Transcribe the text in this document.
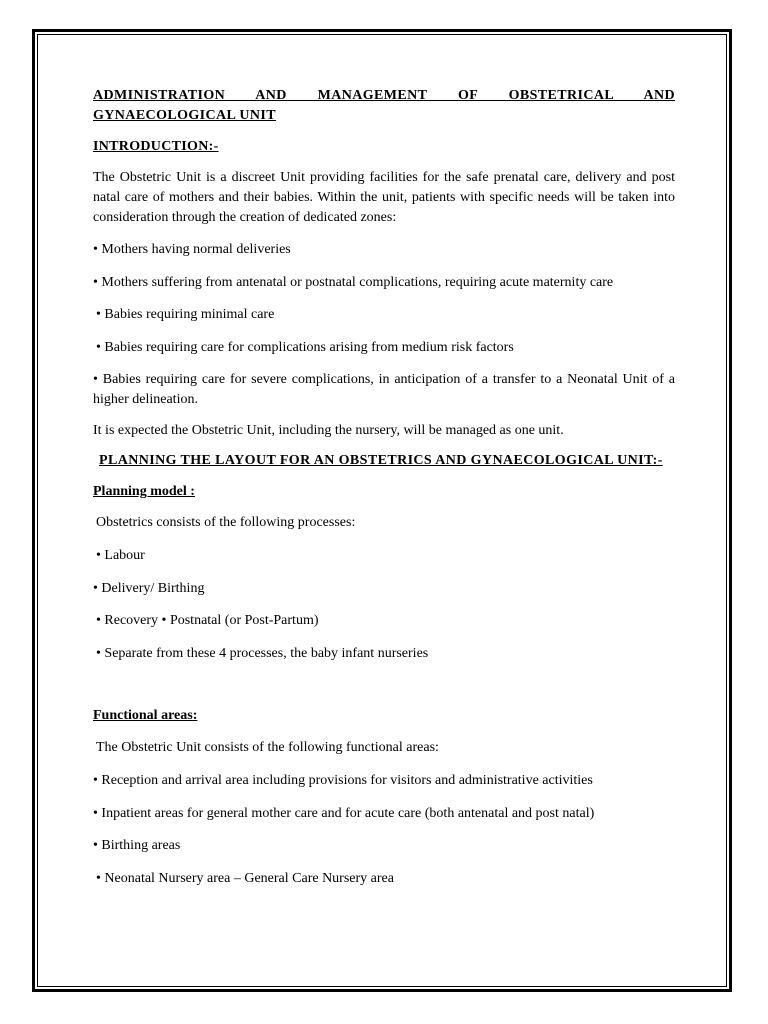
ADMINISTRATION AND MANAGEMENT OF OBSTETRICAL AND GYNAECOLOGICAL UNIT
INTRODUCTION:-

The Obstetric Unit is a discreet Unit providing facilities for the safe prenatal care, delivery and post natal care of mothers and their babies. Within the unit, patients with specific needs will be taken into consideration through the creation of dedicated zones:

• Mothers having normal deliveries
• Mothers suffering from antenatal or postnatal complications, requiring acute maternity care
• Babies requiring minimal care
• Babies requiring care for complications arising from medium risk factors
• Babies requiring care for severe complications, in anticipation of a transfer to a Neonatal Unit of a higher delineation.

It is expected the Obstetric Unit, including the nursery, will be managed as one unit.

PLANNING THE LAYOUT FOR AN OBSTETRICS AND GYNAECOLOGICAL UNIT:-
Planning model :
Obstetrics consists of the following processes:
• Labour
• Delivery/ Birthing
• Recovery • Postnatal (or Post-Partum)
• Separate from these 4 processes, the baby infant nurseries
Functional areas:
The Obstetric Unit consists of the following functional areas:
• Reception and arrival area including provisions for visitors and administrative activities
• Inpatient areas for general mother care and for acute care (both antenatal and post natal)
• Birthing areas
• Neonatal Nursery area – General Care Nursery area
